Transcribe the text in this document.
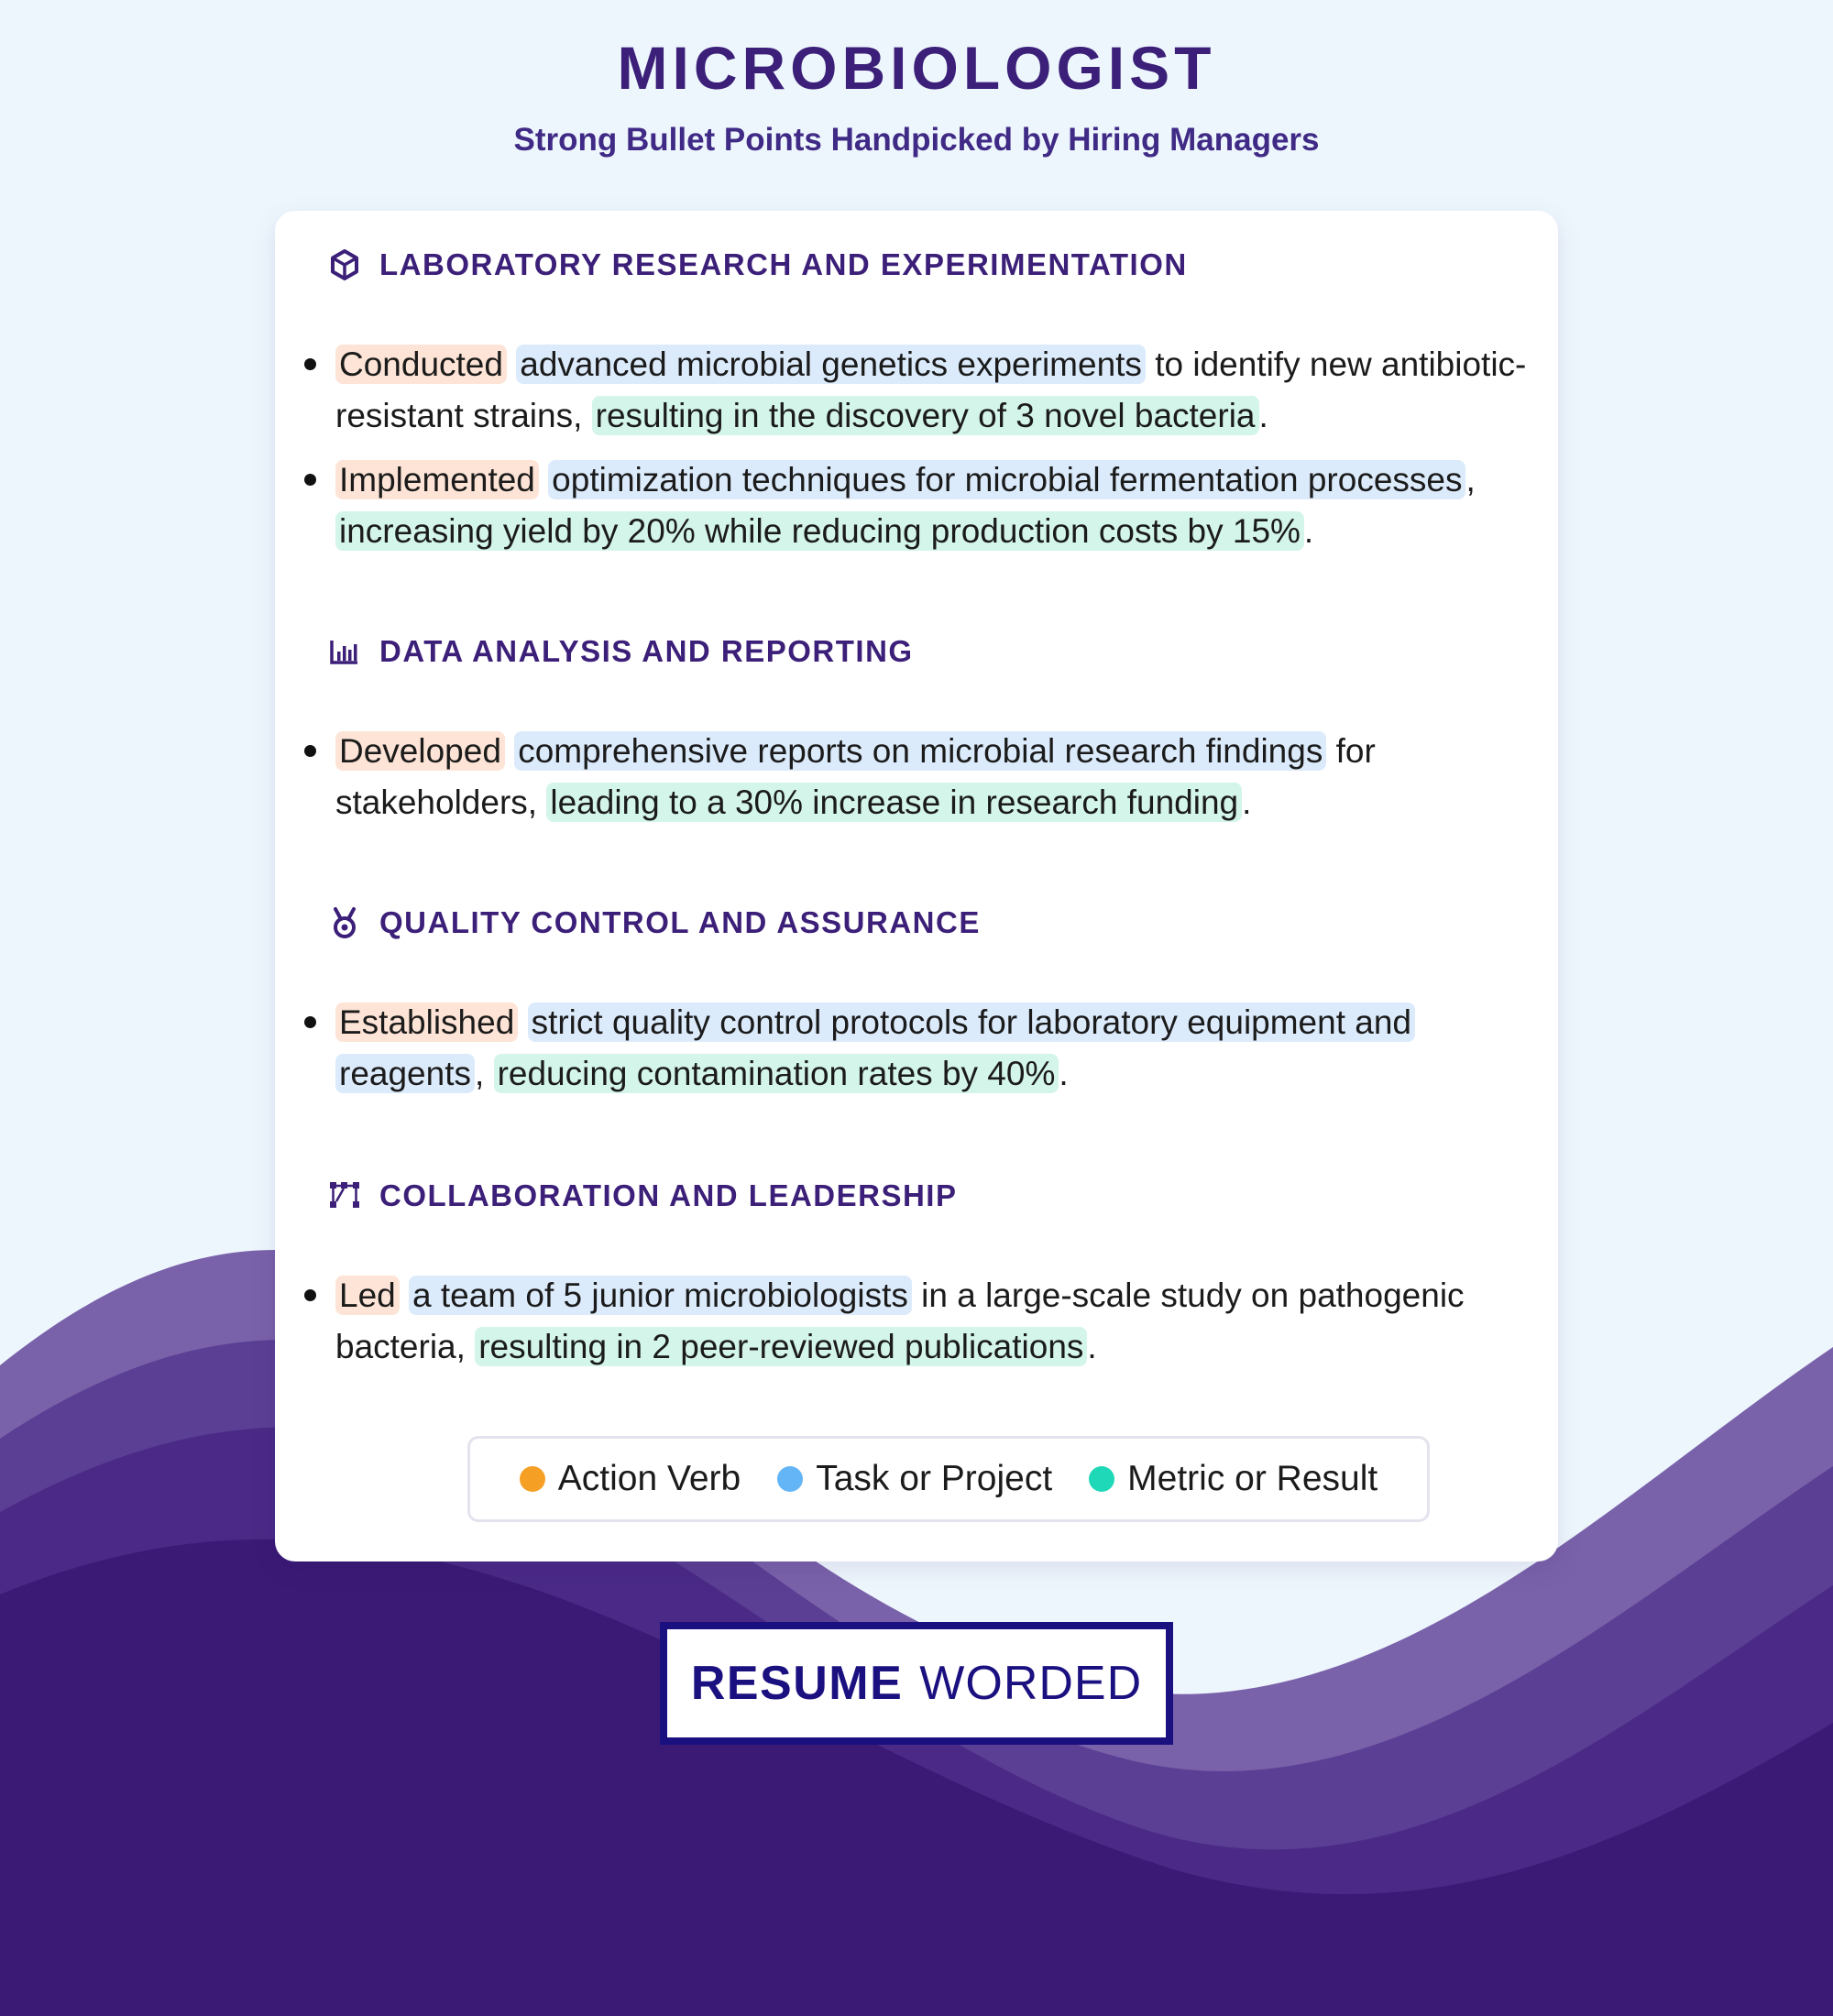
MICROBIOLOGIST
Strong Bullet Points Handpicked by Hiring Managers
LABORATORY RESEARCH AND EXPERIMENTATION
Conducted advanced microbial genetics experiments to identify new antibiotic-resistant strains, resulting in the discovery of 3 novel bacteria .
Implemented optimization techniques for microbial fermentation processes , increasing yield by 20% while reducing production costs by 15% .
DATA ANALYSIS AND REPORTING
Developed comprehensive reports on microbial research findings for stakeholders, leading to a 30% increase in research funding .
QUALITY CONTROL AND ASSURANCE
Established strict quality control protocols for laboratory equipment and reagents , reducing contamination rates by 40% .
COLLABORATION AND LEADERSHIP
Led a team of 5 junior microbiologists in a large-scale study on pathogenic bacteria, resulting in 2 peer-reviewed publications .
Action Verb Task or Project Metric or Result
RESUME WORDED
